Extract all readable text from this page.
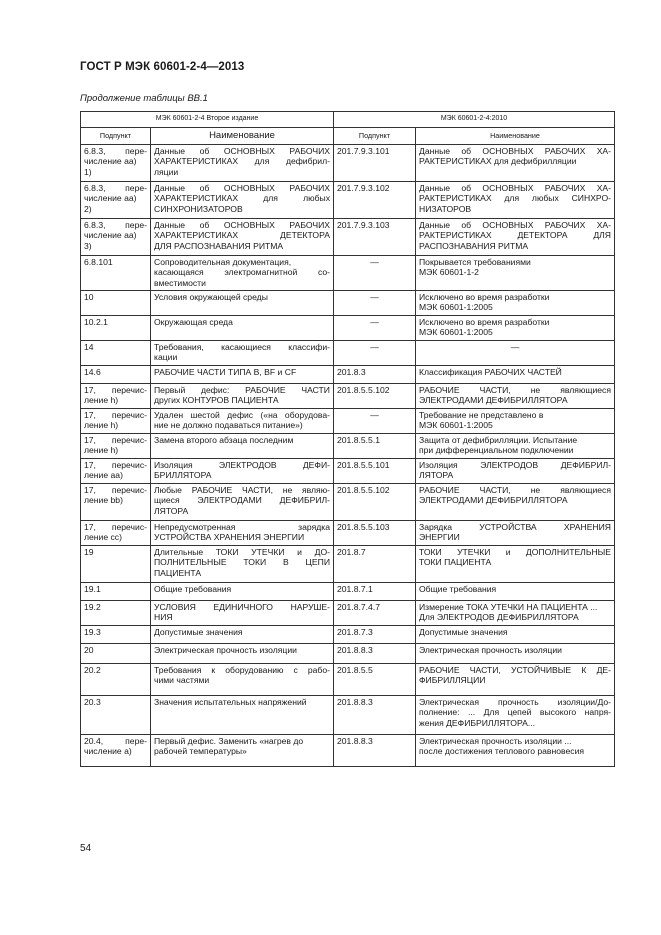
ГОСТ Р МЭК 60601-2-4—2013
Продолжение таблицы ВВ.1
МЭК 60601-2-4 Второе издание		МЭК 60601-2-4:2010	
Подпункт	Наименование	Подпункт	Наименование

6.8.3, пере-
числение аа)
1)	Данные об ОСНОВНЫХ РАБОЧИХ
ХАРАКТЕРИСТИКАХ для дефибрил-
ляции	201.7.9.3.101	Данные об ОСНОВНЫХ РАБОЧИХ ХА-
РАКТЕРИСТИКАХ для дефибрилляции

6.8.3, пере-
числение аа)
2)	Данные об ОСНОВНЫХ РАБОЧИХ
ХАРАКТЕРИСТИКАХ для любых
СИНХРОНИЗАТОРОВ	201.7.9.3.102	Данные об ОСНОВНЫХ РАБОЧИХ ХА-
РАКТЕРИСТИКАХ для любых СИНХРО-
НИЗАТОРОВ

6.8.3, пере-
числение аа)
3)	Данные об ОСНОВНЫХ РАБОЧИХ
ХАРАКТЕРИСТИКАХ ДЕТЕКТОРА
ДЛЯ РАСПОЗНАВАНИЯ РИТМА	201.7.9.3.103	Данные об ОСНОВНЫХ РАБОЧИХ ХА-
РАКТЕРИСТИКАХ ДЕТЕКТОРА ДЛЯ
РАСПОЗНАВАНИЯ РИТМА

6.8.101	Сопроводительная документация,
касающаяся электромагнитной со-
вместимости	—	Покрывается требованиями
МЭК 60601-1-2

10	Условия окружающей среды	—	Исключено во время разработки
МЭК 60601-1:2005

10.2.1	Окружающая среда	—	Исключено во время разработки
МЭК 60601-1:2005

14	Требования, касающиеся классифи-
кации	—	—

14.6	РАБОЧИЕ ЧАСТИ ТИПА B, BF и CF	201.8.3	Классификация РАБОЧИХ ЧАСТЕЙ

17, перечис-
ление h)	Первый дефис: РАБОЧИЕ ЧАСТИ
других КОНТУРОВ ПАЦИЕНТА	201.8.5.5.102	РАБОЧИЕ ЧАСТИ, не являющиеся
ЭЛЕКТРОДАМИ ДЕФИБРИЛЛЯТОРА

17, перечис-
ление h)	Удален шестой дефис («на оборудова-
ние не должно подаваться питание»)	—	Требование не представлено в
МЭК 60601-1:2005

17, перечис-
ление h)	Замена второго абзаца последним	201.8.5.5.1	Защита от дефибрилляции. Испытание
при дифференциальном подключении

17, перечис-
ление аа)	Изоляция ЭЛЕКТРОДОВ ДЕФИ-
БРИЛЛЯТОРА	201.8.5.5.101	Изоляция ЭЛЕКТРОДОВ ДЕФИБРИЛ-
ЛЯТОРА

17, перечис-
ление bb)	Любые РАБОЧИЕ ЧАСТИ, не являю-
щиеся ЭЛЕКТРОДАМИ ДЕФИБРИЛ-
ЛЯТОРА	201.8.5.5.102	РАБОЧИЕ ЧАСТИ, не являющиеся
ЭЛЕКТРОДАМИ ДЕФИБРИЛЛЯТОРА

17, перечис-
ление сс)	Непредусмотренная зарядка
УСТРОЙСТВА ХРАНЕНИЯ ЭНЕРГИИ	201.8.5.5.103	Зарядка УСТРОЙСТВА ХРАНЕНИЯ
ЭНЕРГИИ

19	Длительные ТОКИ УТЕЧКИ и ДО-
ПОЛНИТЕЛЬНЫЕ ТОКИ В ЦЕПИ
ПАЦИЕНТА	201.8.7	ТОКИ УТЕЧКИ и ДОПОЛНИТЕЛЬНЫЕ
ТОКИ ПАЦИЕНТА

19.1	Общие требования	201.8.7.1	Общие требования

19.2	УСЛОВИЯ ЕДИНИЧНОГО НАРУШЕ-
НИЯ	201.8.7.4.7	Измерение ТОКА УТЕЧКИ НА ПАЦИЕНТА ...
Для ЭЛЕКТРОДОВ ДЕФИБРИЛЛЯТОРА

19.3	Допустимые значения	201.8.7.3	Допустимые значения

20	Электрическая прочность изоляции	201.8.8.3	Электрическая прочность изоляции

20.2	Требования к оборудованию с рабо-
чими частями	201.8.5.5	РАБОЧИЕ ЧАСТИ, УСТОЙЧИВЫЕ К ДЕ-
ФИБРИЛЛЯЦИИ

20.3	Значения испытательных напряжений	201.8.8.3	Электрическая прочность изоляции/До-
полнение: ... Для цепей высокого напря-
жения ДЕФИБРИЛЛЯТОРА...

20.4, пере-
числение а)	Первый дефис. Заменить «нагрев до
рабочей температуры»	201.8.8.3	Электрическая прочность изоляции ...
после достижения теплового равновесия
54
